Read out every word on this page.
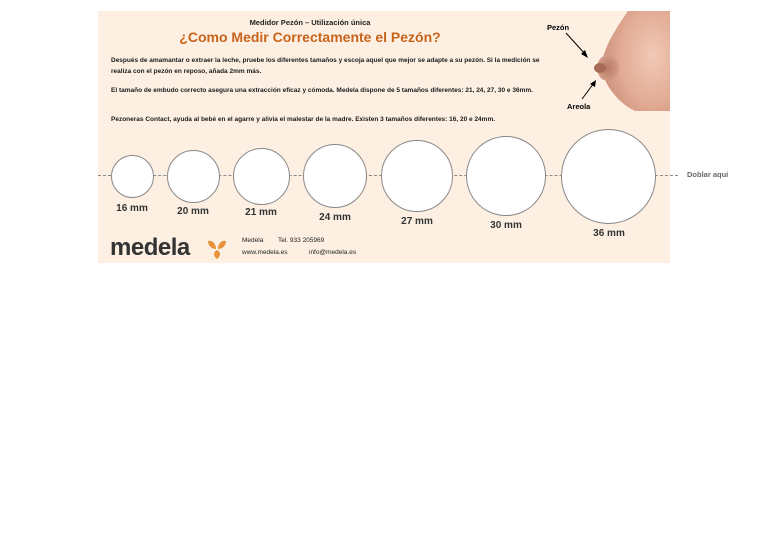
Medidor Pezón – Utilización única
¿Como Medir Correctamente el Pezón?
Después de amamantar o extraer la leche, pruebe los diferentes tamaños y escoja aquel que mejor se adapte a su pezón. Si la medición se realiza con el pezón en reposo, añada 2mm más.
El tamaño de embudo correcto asegura una extracción eficaz y cómoda. Medela dispone de 5 tamaños diferentes: 21, 24, 27, 30 e 36mm.
Pezoneras Contact, ayuda al bebé en el agarre y alivia el malestar de la madre. Existen 3 tamaños diferentes: 16, 20 e 24mm.
Pezón
Areola
Doblar aquí
16 mm	20 mm	21 mm	24 mm	27 mm	30 mm
36 mm
medela	Medela Tel. 933 205969
www.medela.es	info@medela.es
